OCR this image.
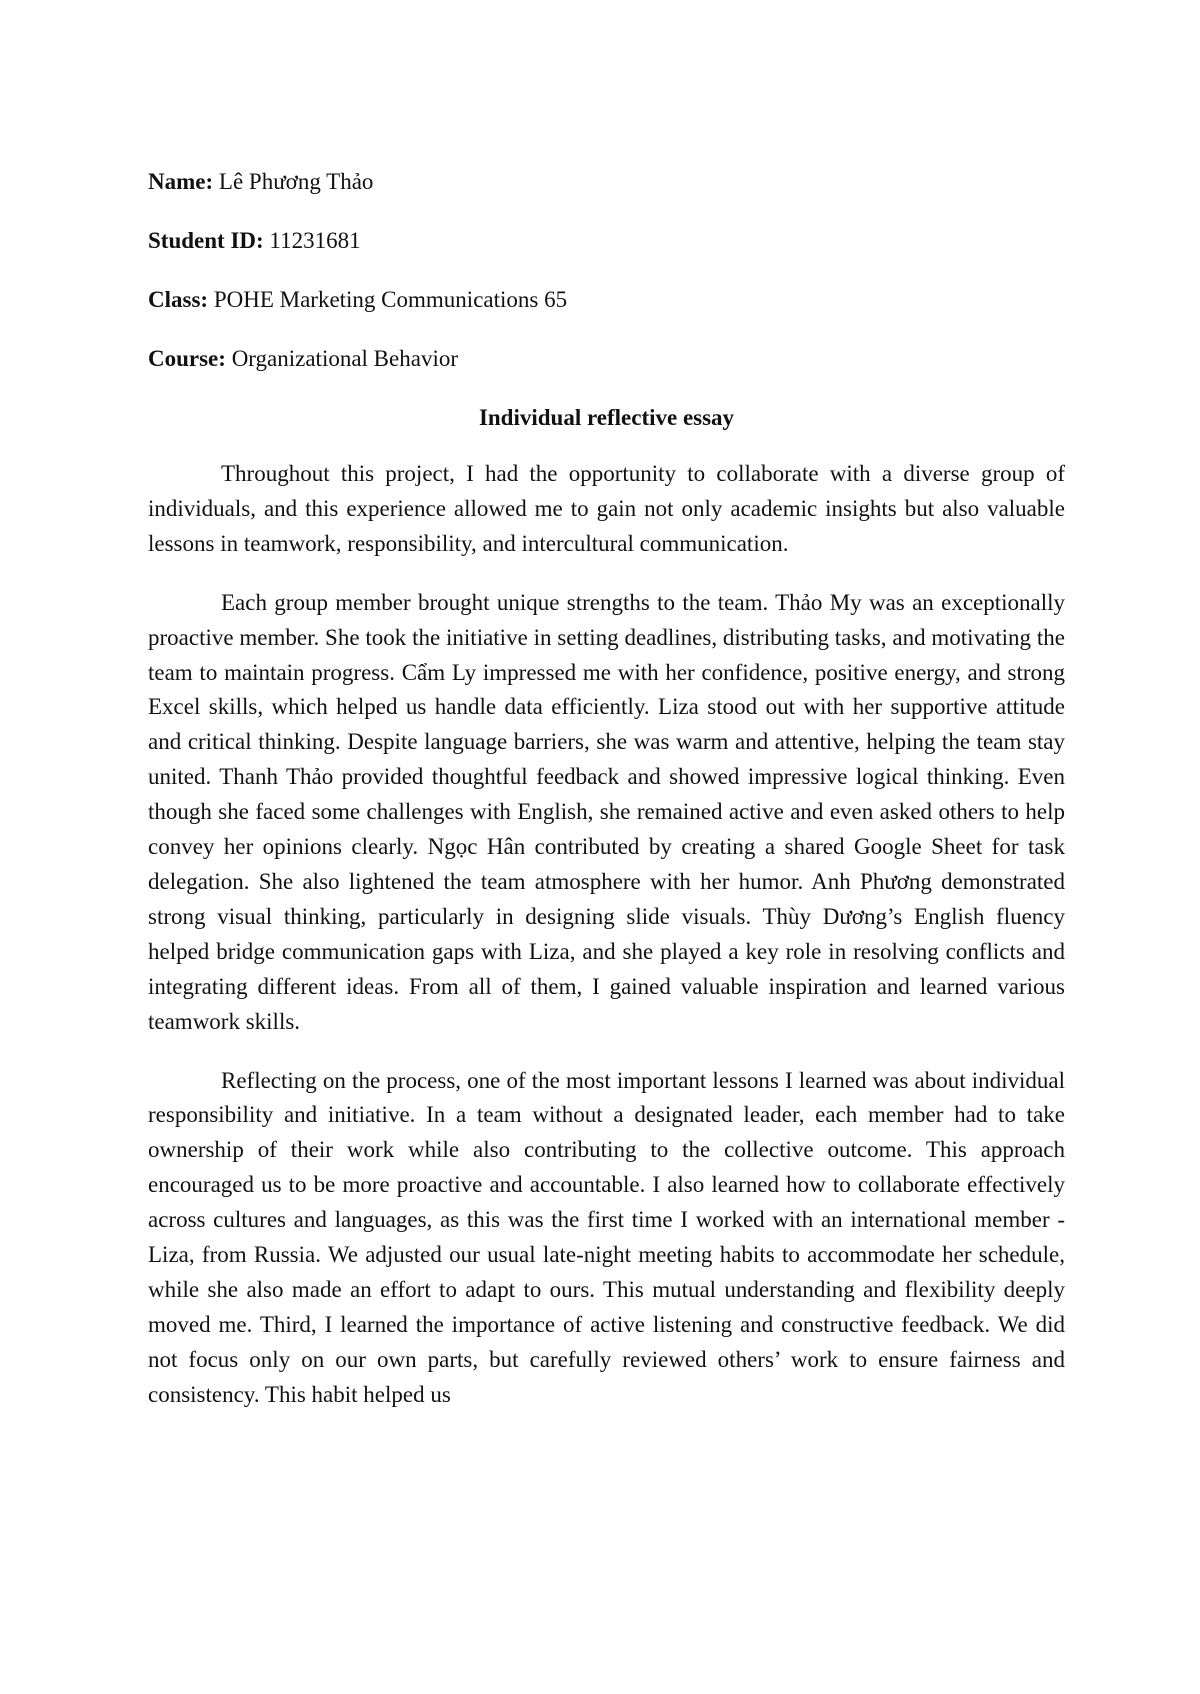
Name: Lê Phương Thảo
Student ID: 11231681
Class: POHE Marketing Communications 65
Course: Organizational Behavior
Individual reflective essay

Throughout this project, I had the opportunity to collaborate with a diverse group of individuals, and this experience allowed me to gain not only academic insights but also valuable lessons in teamwork, responsibility, and intercultural communication.

Each group member brought unique strengths to the team. Thảo My was an exceptionally proactive member. She took the initiative in setting deadlines, distributing tasks, and motivating the team to maintain progress. Cẩm Ly impressed me with her confidence, positive energy, and strong Excel skills, which helped us handle data efficiently. Liza stood out with her supportive attitude and critical thinking. Despite language barriers, she was warm and attentive, helping the team stay united. Thanh Thảo provided thoughtful feedback and showed impressive logical thinking. Even though she faced some challenges with English, she remained active and even asked others to help convey her opinions clearly. Ngọc Hân contributed by creating a shared Google Sheet for task delegation. She also lightened the team atmosphere with her humor. Anh Phương demonstrated strong visual thinking, particularly in designing slide visuals. Thùy Dương’s English fluency helped bridge communication gaps with Liza, and she played a key role in resolving conflicts and integrating different ideas. From all of them, I gained valuable inspiration and learned various teamwork skills.

Reflecting on the process, one of the most important lessons I learned was about individual responsibility and initiative. In a team without a designated leader, each member had to take ownership of their work while also contributing to the collective outcome. This approach encouraged us to be more proactive and accountable. I also learned how to collaborate effectively across cultures and languages, as this was the first time I worked with an international member - Liza, from Russia. We adjusted our usual late-night meeting habits to accommodate her schedule, while she also made an effort to adapt to ours. This mutual understanding and flexibility deeply moved me. Third, I learned the importance of active listening and constructive feedback. We did not focus only on our own parts, but carefully reviewed others’ work to ensure fairness and consistency. This habit helped us
